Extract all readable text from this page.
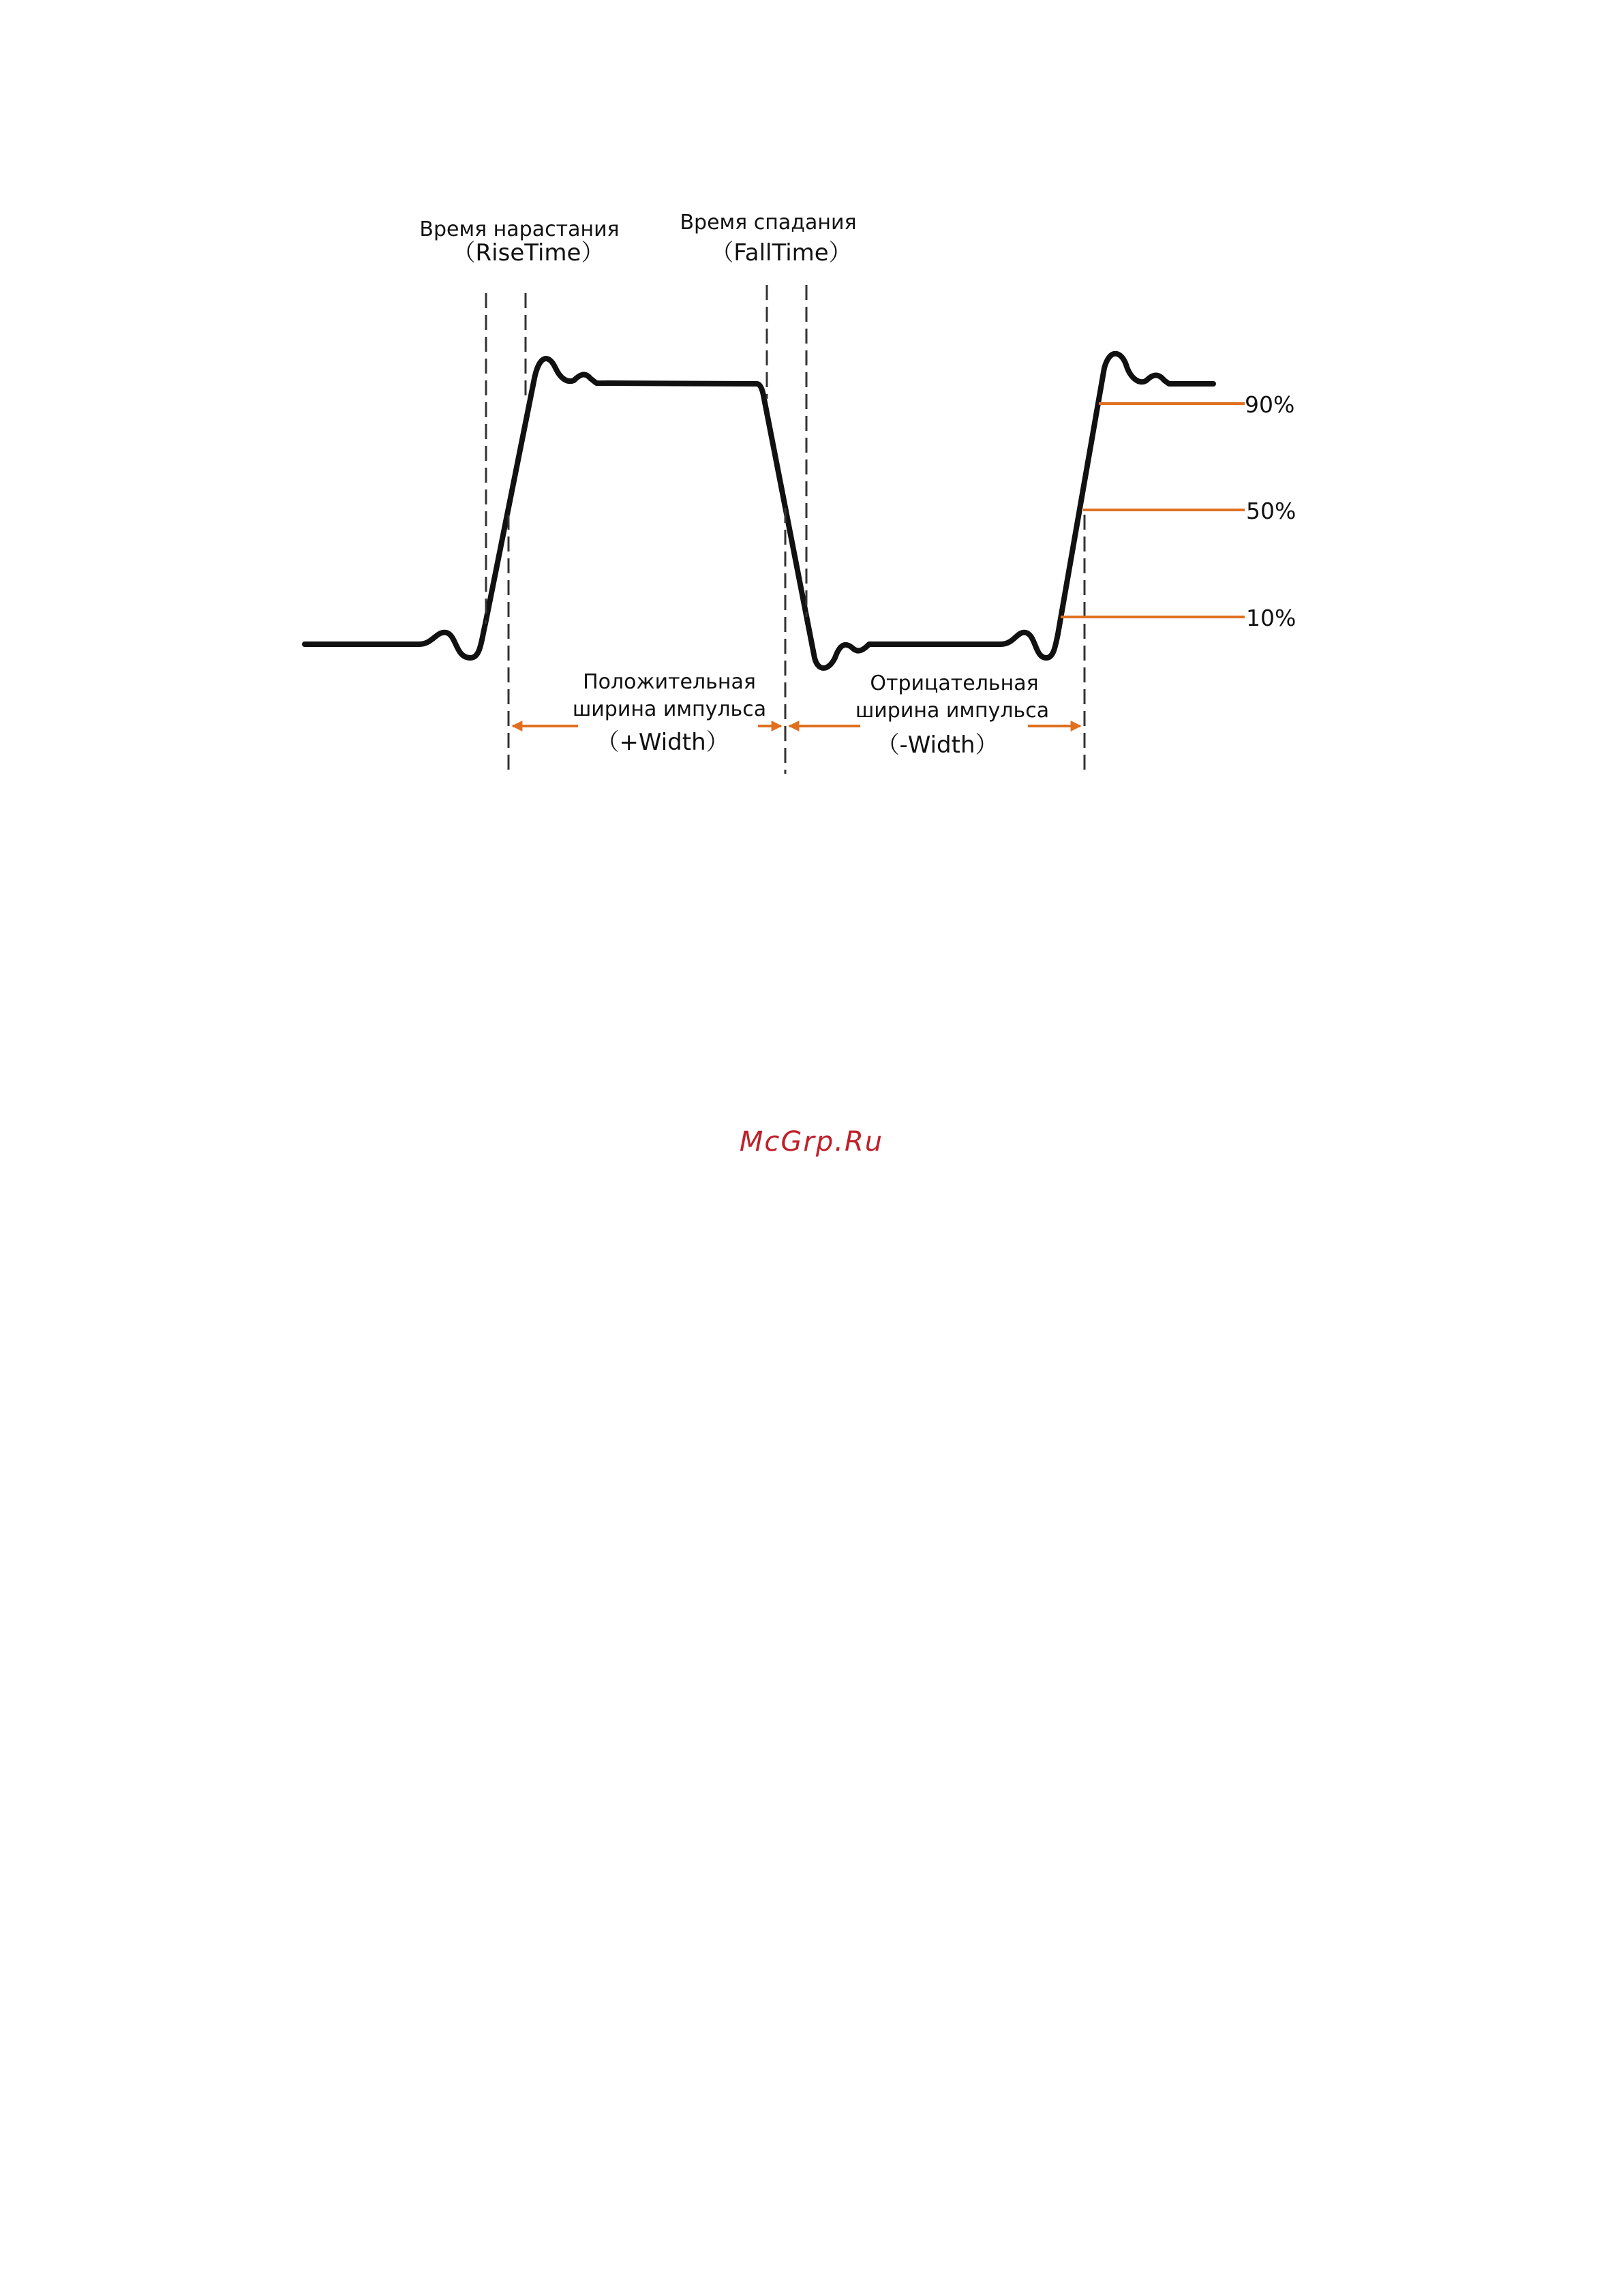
Время нарастания
（RiseTime）
Время спадания
（FallTime）
Положительная
ширина импульса
（+Width）
Отрицательная
ширина импульса
（-Width）
90%
50%
10%
McGrp.Ru
